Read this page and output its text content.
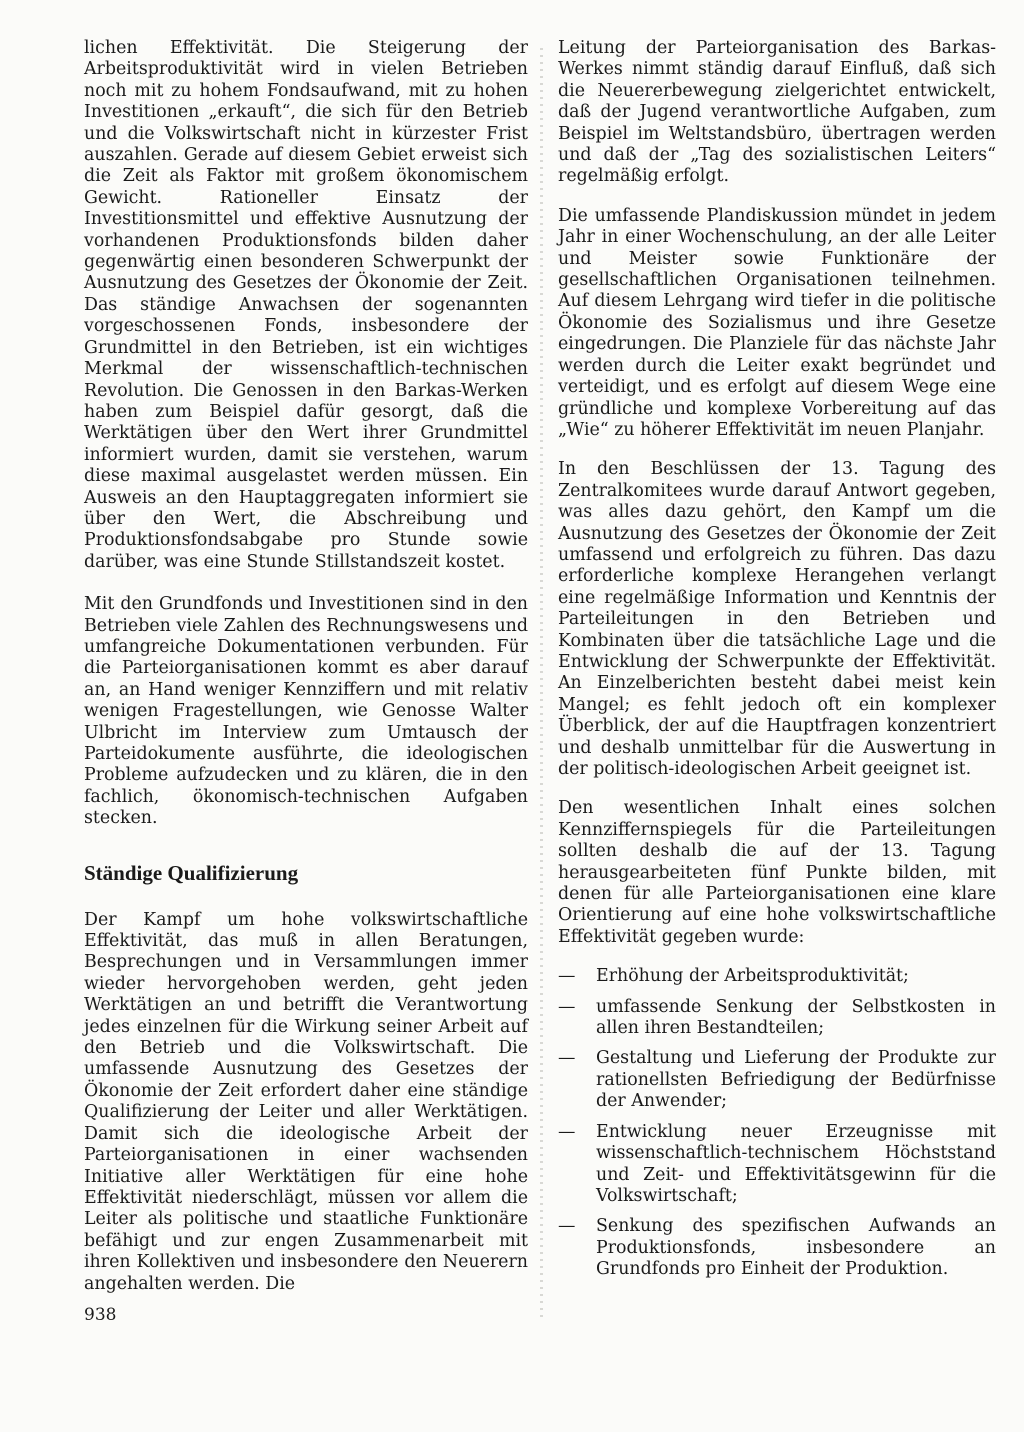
lichen Effektivität. Die Steigerung der Arbeitsproduktivität wird in vielen Betrieben noch mit zu hohem Fondsaufwand, mit zu hohen Investitionen „erkauft“, die sich für den Betrieb und die Volkswirtschaft nicht in kürzester Frist auszahlen. Gerade auf diesem Gebiet erweist sich die Zeit als Faktor mit großem ökonomischem Gewicht. Rationeller Einsatz der Investitionsmittel und effektive Ausnutzung der vorhandenen Produktionsfonds bilden daher gegenwärtig einen besonderen Schwerpunkt der Ausnutzung des Gesetzes der Ökonomie der Zeit. Das ständige Anwachsen der sogenannten vorgeschossenen Fonds, insbesondere der Grundmittel in den Betrieben, ist ein wichtiges Merkmal der wissenschaftlich-technischen Revolution. Die Genossen in den Barkas-Werken haben zum Beispiel dafür gesorgt, daß die Werktätigen über den Wert ihrer Grundmittel informiert wurden, damit sie verstehen, warum diese maximal ausgelastet werden müssen. Ein Ausweis an den Hauptaggregaten informiert sie über den Wert, die Abschreibung und Produktionsfondsabgabe pro Stunde sowie darüber, was eine Stunde Stillstandszeit kostet.

Mit den Grundfonds und Investitionen sind in den Betrieben viele Zahlen des Rechnungswesens und umfangreiche Dokumentationen verbunden. Für die Parteiorganisationen kommt es aber darauf an, an Hand weniger Kennziffern und mit relativ wenigen Fragestellungen, wie Genosse Walter Ulbricht im Interview zum Umtausch der Parteidokumente ausführte, die ideologischen Probleme aufzudecken und zu klären, die in den fachlich, ökonomisch-technischen Aufgaben stecken.

Ständige Qualifizierung

Der Kampf um hohe volkswirtschaftliche Effektivität, das muß in allen Beratungen, Besprechungen und in Versammlungen immer wieder hervorgehoben werden, geht jeden Werktätigen an und betrifft die Verantwortung jedes einzelnen für die Wirkung seiner Arbeit auf den Betrieb und die Volkswirtschaft. Die umfassende Ausnutzung des Gesetzes der Ökonomie der Zeit erfordert daher eine ständige Qualifizierung der Leiter und aller Werktätigen. Damit sich die ideologische Arbeit der Parteiorganisationen in einer wachsenden Initiative aller Werktätigen für eine hohe Effektivität niederschlägt, müssen vor allem die Leiter als politische und staatliche Funktionäre befähigt und zur engen Zusammenarbeit mit ihren Kollektiven und insbesondere den Neuerern angehalten werden. Die

Leitung der Parteiorganisation des Barkas-Werkes nimmt ständig darauf Einfluß, daß sich die Neuererbewegung zielgerichtet entwickelt, daß der Jugend verantwortliche Aufgaben, zum Beispiel im Weltstandsbüro, übertragen werden und daß der „Tag des sozialistischen Leiters“ regelmäßig erfolgt.

Die umfassende Plandiskussion mündet in jedem Jahr in einer Wochenschulung, an der alle Leiter und Meister sowie Funktionäre der gesellschaftlichen Organisationen teilnehmen. Auf diesem Lehrgang wird tiefer in die politische Ökonomie des Sozialismus und ihre Gesetze eingedrungen. Die Planziele für das nächste Jahr werden durch die Leiter exakt begründet und verteidigt, und es erfolgt auf diesem Wege eine gründliche und komplexe Vorbereitung auf das „Wie“ zu höherer Effektivität im neuen Planjahr.

In den Beschlüssen der 13. Tagung des Zentralkomitees wurde darauf Antwort gegeben, was alles dazu gehört, den Kampf um die Ausnutzung des Gesetzes der Ökonomie der Zeit umfassend und erfolgreich zu führen. Das dazu erforderliche komplexe Herangehen verlangt eine regelmäßige Information und Kenntnis der Parteileitungen in den Betrieben und Kombinaten über die tatsächliche Lage und die Entwicklung der Schwerpunkte der Effektivität. An Einzelberichten besteht dabei meist kein Mangel; es fehlt jedoch oft ein komplexer Überblick, der auf die Hauptfragen konzentriert und deshalb unmittelbar für die Auswertung in der politisch-ideologischen Arbeit geeignet ist.

Den wesentlichen Inhalt eines solchen Kennziffernspiegels für die Parteileitungen sollten deshalb die auf der 13. Tagung herausgearbeiteten fünf Punkte bilden, mit denen für alle Parteiorganisationen eine klare Orientierung auf eine hohe volkswirtschaftliche Effektivität gegeben wurde:

— Erhöhung der Arbeitsproduktivität;
— umfassende Senkung der Selbstkosten in allen ihren Bestandteilen;
— Gestaltung und Lieferung der Produkte zur rationellsten Befriedigung der Bedürfnisse der Anwender;
— Entwicklung neuer Erzeugnisse mit wissenschaftlich-technischem Höchststand und Zeit- und Effektivitätsgewinn für die Volkswirtschaft;
— Senkung des spezifischen Aufwands an Produktionsfonds, insbesondere an Grundfonds pro Einheit der Produktion.
938
